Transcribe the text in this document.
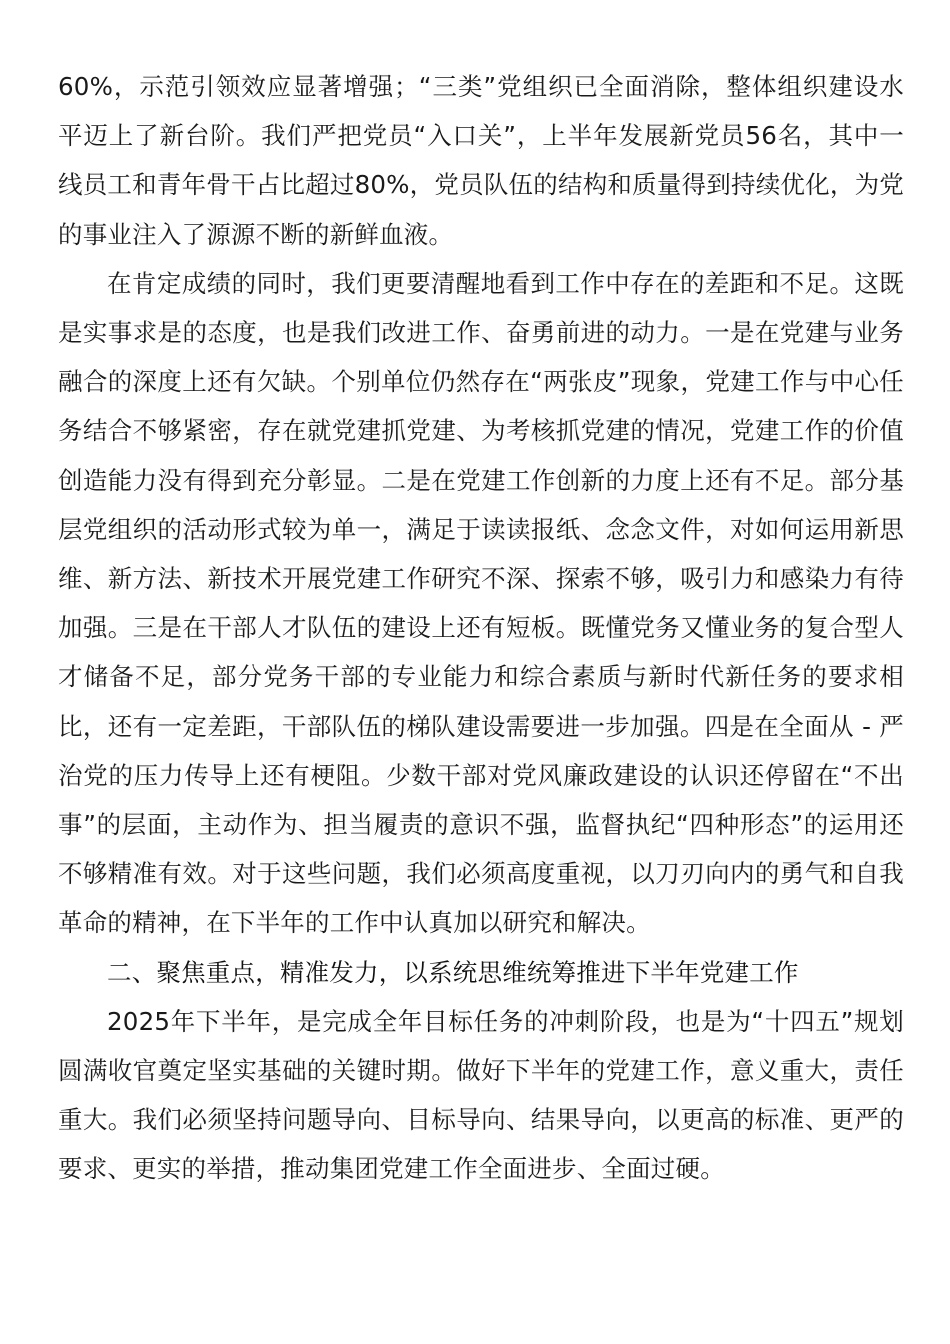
60%，示范引领效应显著增强；“三类”党组织已全面消除，整体组织建设水平迈上了新台阶。我们严把党员“入口关”，上半年发展新党员56名，其中一线员工和青年骨干占比超过80%，党员队伍的结构和质量得到持续优化，为党的事业注入了源源不断的新鲜血液。

在肯定成绩的同时，我们更要清醒地看到工作中存在的差距和不足。这既是实事求是的态度，也是我们改进工作、奋勇前进的动力。一是在党建与业务融合的深度上还有欠缺。个别单位仍然存在“两张皮”现象，党建工作与中心任务结合不够紧密，存在就党建抓党建、为考核抓党建的情况，党建工作的价值创造能力没有得到充分彰显。二是在党建工作创新的力度上还有不足。部分基层党组织的活动形式较为单一，满足于读读报纸、念念文件，对如何运用新思维、新方法、新技术开展党建工作研究不深、探索不够，吸引力和感染力有待加强。三是在干部人才队伍的建设上还有短板。既懂党务又懂业务的复合型人才储备不足，部分党务干部的专业能力和综合素质与新时代新任务的要求相比，还有一定差距，干部队伍的梯队建设需要进一步加强。四是在全面从 - 严治党的压力传导上还有梗阻。少数干部对党风廉政建设的认识还停留在“不出事”的层面，主动作为、担当履责的意识不强，监督执纪“四种形态”的运用还不够精准有效。对于这些问题，我们必须高度重视，以刀刃向内的勇气和自我革命的精神，在下半年的工作中认真加以研究和解决。

二、聚焦重点，精准发力，以系统思维统筹推进下半年党建工作

2025年下半年，是完成全年目标任务的冲刺阶段，也是为“十四五”规划圆满收官奠定坚实基础的关键时期。做好下半年的党建工作，意义重大，责任重大。我们必须坚持问题导向、目标导向、结果导向，以更高的标准、更严的要求、更实的举措，推动集团党建工作全面进步、全面过硬。
